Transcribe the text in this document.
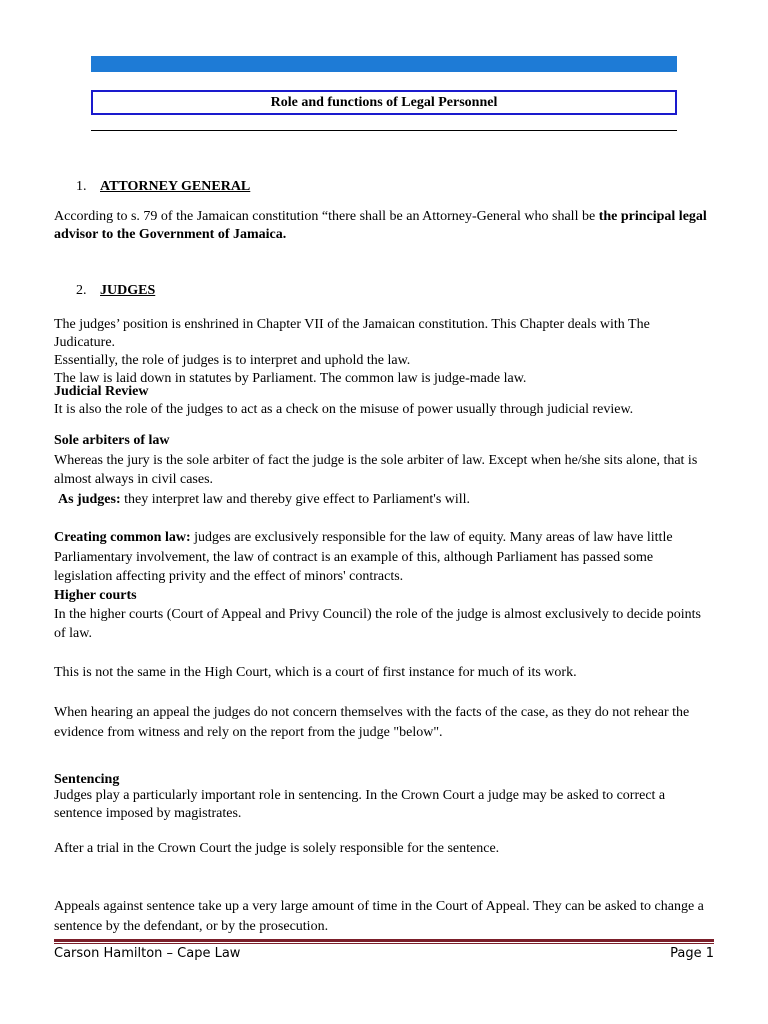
Role and functions of Legal Personnel
1. ATTORNEY GENERAL
According to s. 79 of the Jamaican constitution “there shall be an Attorney-General who shall be the principal legal advisor to the Government of Jamaica.
2. JUDGES
The judges’ position is enshrined in Chapter VII of the Jamaican constitution. This Chapter deals with The Judicature.
Essentially, the role of judges is to interpret and uphold the law.
The law is laid down in statutes by Parliament. The common law is judge-made law.
Judicial Review
It is also the role of the judges to act as a check on the misuse of power usually through judicial review.
Sole arbiters of law
Whereas the jury is the sole arbiter of fact the judge is the sole arbiter of law. Except when he/she sits alone, that is almost always in civil cases.
As judges: they interpret law and thereby give effect to Parliament's will.
Creating common law: judges are exclusively responsible for the law of equity. Many areas of law have little Parliamentary involvement, the law of contract is an example of this, although Parliament has passed some legislation affecting privity and the effect of minors' contracts.
Higher courts
In the higher courts (Court of Appeal and Privy Council) the role of the judge is almost exclusively to decide points of law.
This is not the same in the High Court, which is a court of first instance for much of its work.
When hearing an appeal the judges do not concern themselves with the facts of the case, as they do not rehear the evidence from witness and rely on the report from the judge "below".
Sentencing
Judges play a particularly important role in sentencing. In the Crown Court a judge may be asked to correct a sentence imposed by magistrates.
After a trial in the Crown Court the judge is solely responsible for the sentence.
Appeals against sentence take up a very large amount of time in the Court of Appeal. They can be asked to change a sentence by the defendant, or by the prosecution.
Carson Hamilton – Cape Law	Page 1
